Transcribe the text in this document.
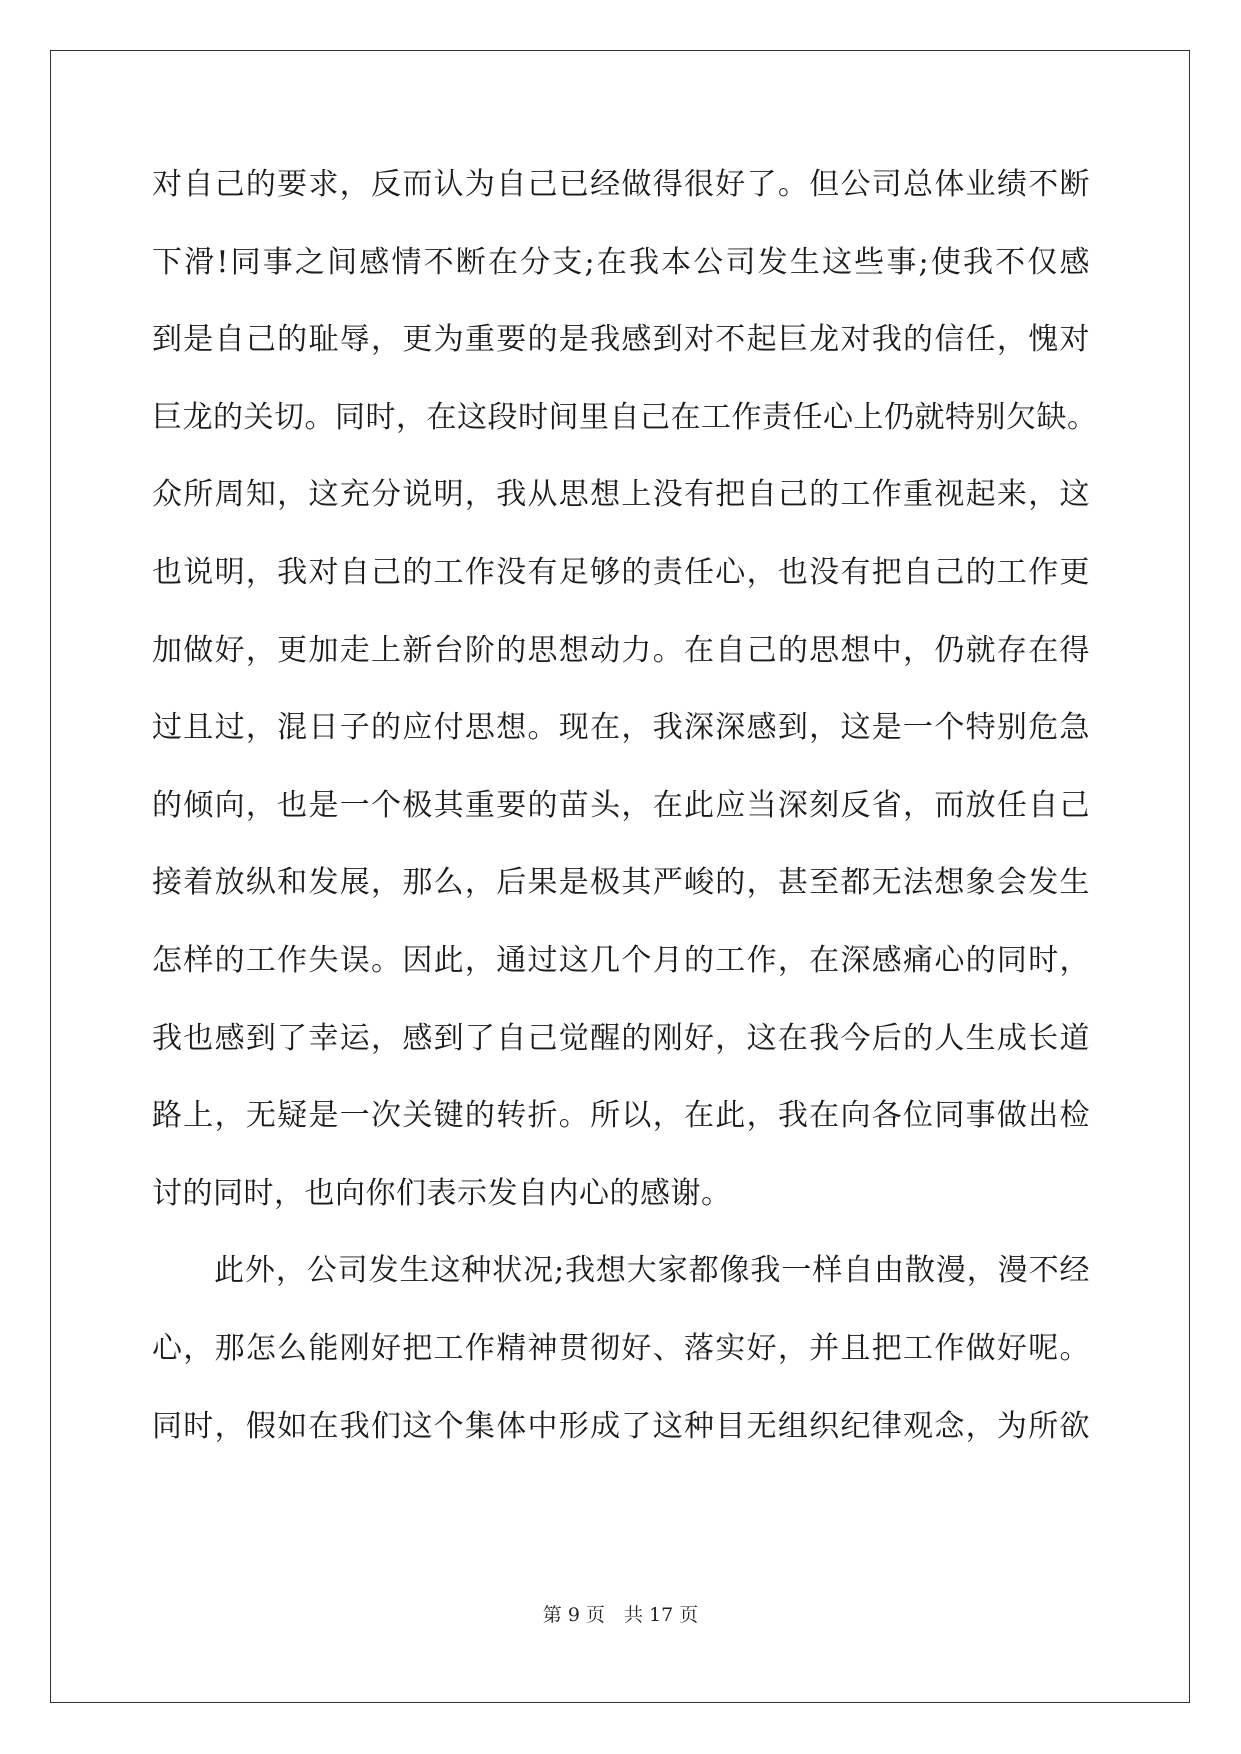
对自己的要求，反而认为自己已经做得很好了。但公司总体业绩不断
下滑!同事之间感情不断在分支;在我本公司发生这些事;使我不仅感
到是自己的耻辱，更为重要的是我感到对不起巨龙对我的信任，愧对
巨龙的关切。同时，在这段时间里自己在工作责任心上仍就特别欠缺。
众所周知，这充分说明，我从思想上没有把自己的工作重视起来，这
也说明，我对自己的工作没有足够的责任心，也没有把自己的工作更
加做好，更加走上新台阶的思想动力。在自己的思想中，仍就存在得
过且过，混日子的应付思想。现在，我深深感到，这是一个特别危急
的倾向，也是一个极其重要的苗头，在此应当深刻反省，而放任自己
接着放纵和发展，那么，后果是极其严峻的，甚至都无法想象会发生
怎样的工作失误。因此，通过这几个月的工作，在深感痛心的同时，
我也感到了幸运，感到了自己觉醒的刚好，这在我今后的人生成长道
路上，无疑是一次关键的转折。所以，在此，我在向各位同事做出检
讨的同时，也向你们表示发自内心的感谢。
此外，公司发生这种状况;我想大家都像我一样自由散漫，漫不经
心，那怎么能刚好把工作精神贯彻好、落实好，并且把工作做好呢。
同时，假如在我们这个集体中形成了这种目无组织纪律观念，为所欲
第 9 页　共 17 页
